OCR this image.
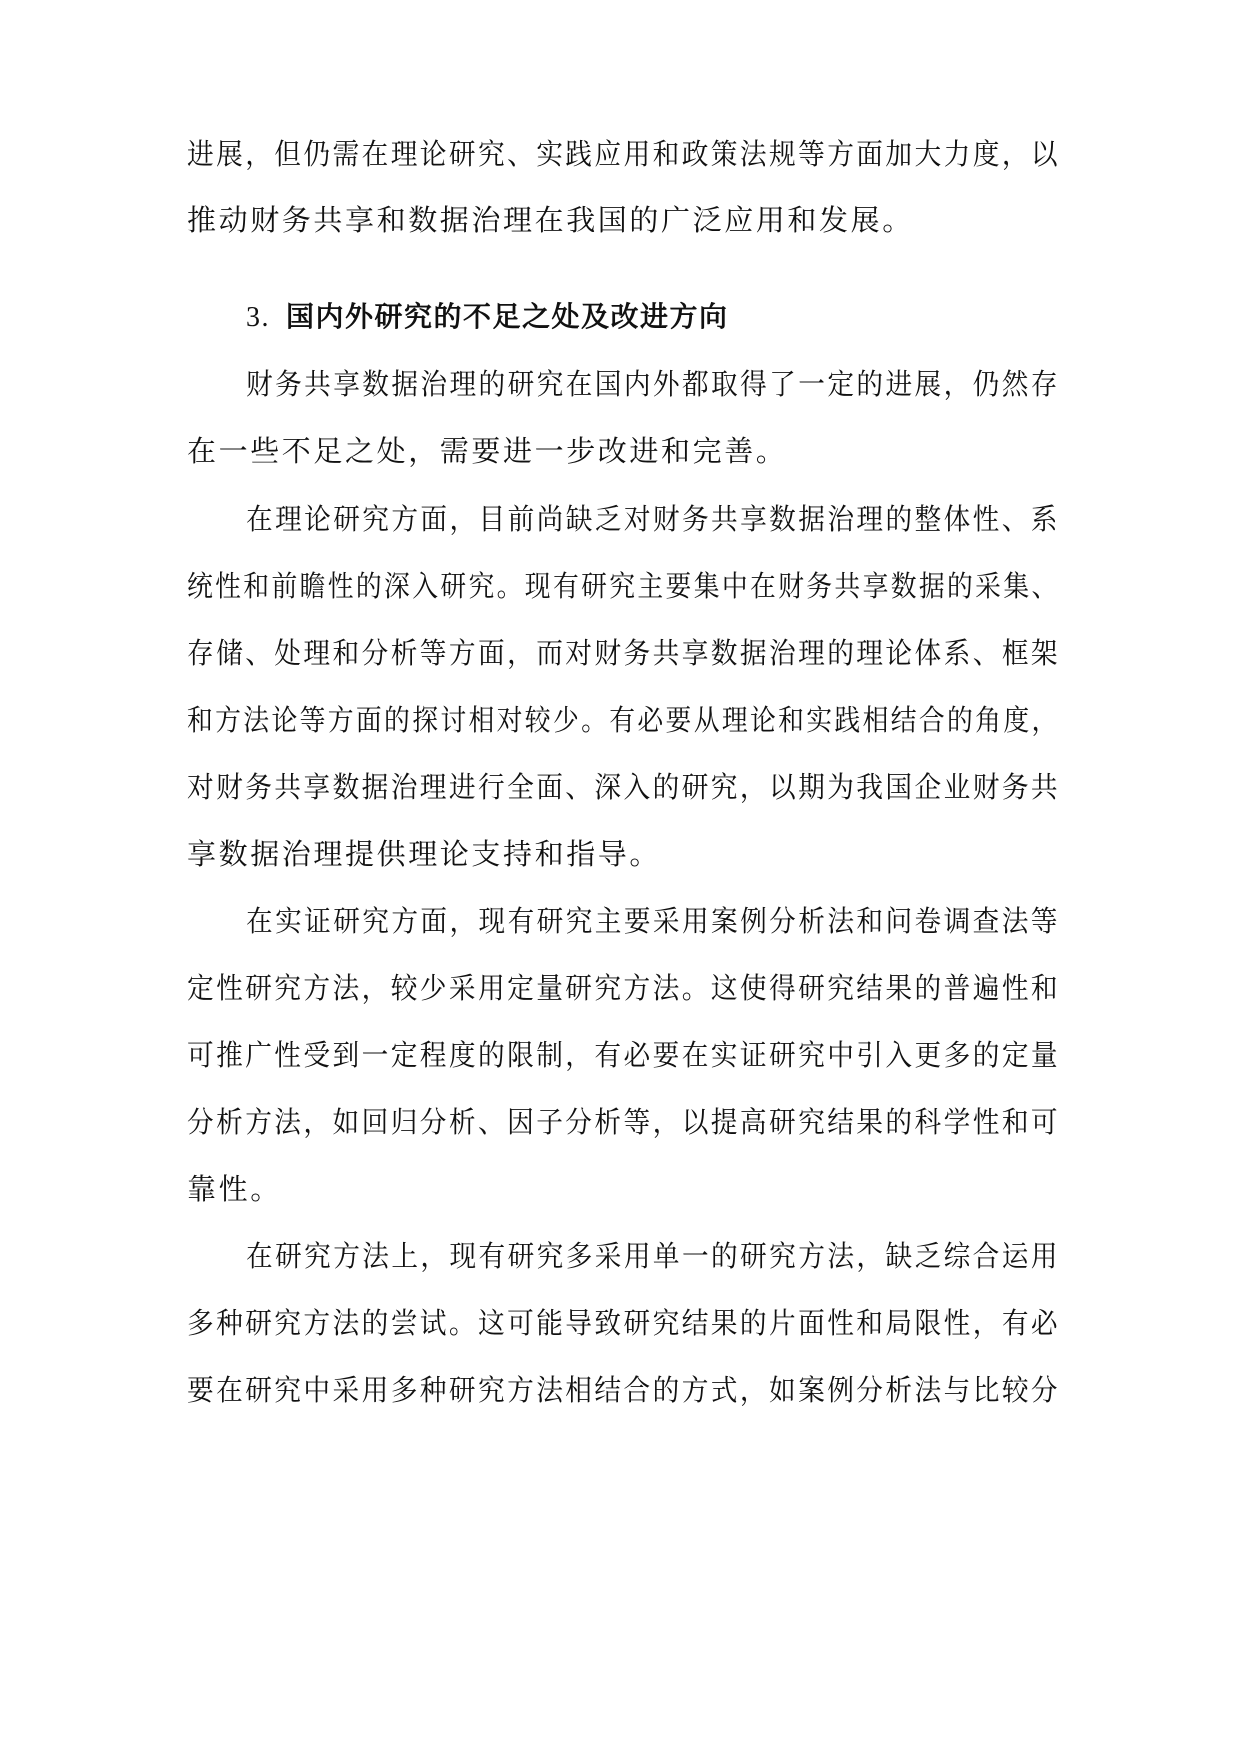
进展，但仍需在理论研究、实践应用和政策法规等方面加大力度，以
推动财务共享和数据治理在我国的广泛应用和发展。
3. 国内外研究的不足之处及改进方向
财务共享数据治理的研究在国内外都取得了一定的进展，仍然存
在一些不足之处，需要进一步改进和完善。
在理论研究方面，目前尚缺乏对财务共享数据治理的整体性、系
统性和前瞻性的深入研究。现有研究主要集中在财务共享数据的采集、
存储、处理和分析等方面，而对财务共享数据治理的理论体系、框架
和方法论等方面的探讨相对较少。有必要从理论和实践相结合的角度，
对财务共享数据治理进行全面、深入的研究，以期为我国企业财务共
享数据治理提供理论支持和指导。
在实证研究方面，现有研究主要采用案例分析法和问卷调查法等
定性研究方法，较少采用定量研究方法。这使得研究结果的普遍性和
可推广性受到一定程度的限制，有必要在实证研究中引入更多的定量
分析方法，如回归分析、因子分析等，以提高研究结果的科学性和可
靠性。
在研究方法上，现有研究多采用单一的研究方法，缺乏综合运用
多种研究方法的尝试。这可能导致研究结果的片面性和局限性，有必
要在研究中采用多种研究方法相结合的方式，如案例分析法与比较分
